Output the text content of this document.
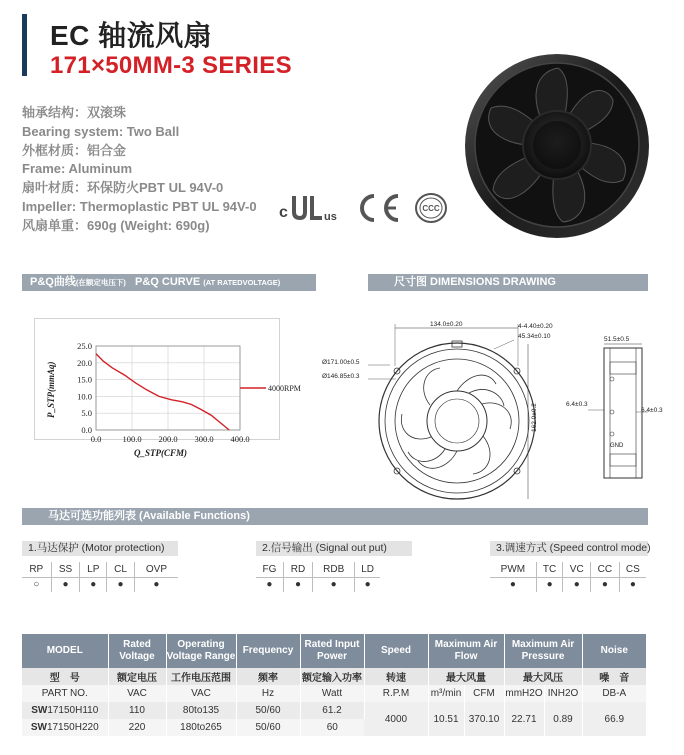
EC 轴流风扇
171×50MM-3 SERIES
轴承结构：双滚珠
Bearing system: Two Ball
外框材质：铝合金
Frame: Aluminum
扇叶材质：环保防火PBT UL 94V-0
Impeller: Thermoplastic PBT UL 94V-0
风扇单重：690g (Weight: 690g)
c	us
CCC
P&Q曲线(在额定电压下) P&Q CURVE (AT RATEDVOLTAGE)	尺寸图 DIMENSIONS DRAWING
0.0
5.0
10.0
15.0
20.0
25.0
0.0 100.0 200.0 300.0 400.0
4000RPM
P_STP(mmAq)
Q_STP(CFM)
134.0±0.20	4-4.40±0.20
45.34±0.10
Ø171.00±0.5
Ø146.85±0.3
162.0±0.2
51.5±0.5
6.4±0.3
6.4±0.3
GND
马达可选功能列表 (Available Functions)
1.马达保护 (Motor protection)
RP	SS	LP	CL	OVP
○	●	●	●	●
2.信号输出 (Signal out put)
FG	RD	RDB	LD
●	●	●	●
3.调速方式 (Speed control mode)
PWM	TC	VC	CC	CS
●	●	●	●	●
MODEL	Rated Voltage	Operating Voltage Range	Frequency	Rated Input Power	Speed	Maximum Air Flow		Maximum Air Pressure		Noise
型　号	额定电压	工作电压范围	频率	额定输入功率	转速	最大风量		最大风压		噪　音
PART NO.	VAC	VAC	Hz	Watt	R.P.M	m³/min	CFM	mmH2O	INH2O	DB-A
SW17150H110	110	80to135	50/60	61.2	4000	10.51	370.10	22.71	0.89	66.9
SW17150H220	220	180to265	50/60	60						
